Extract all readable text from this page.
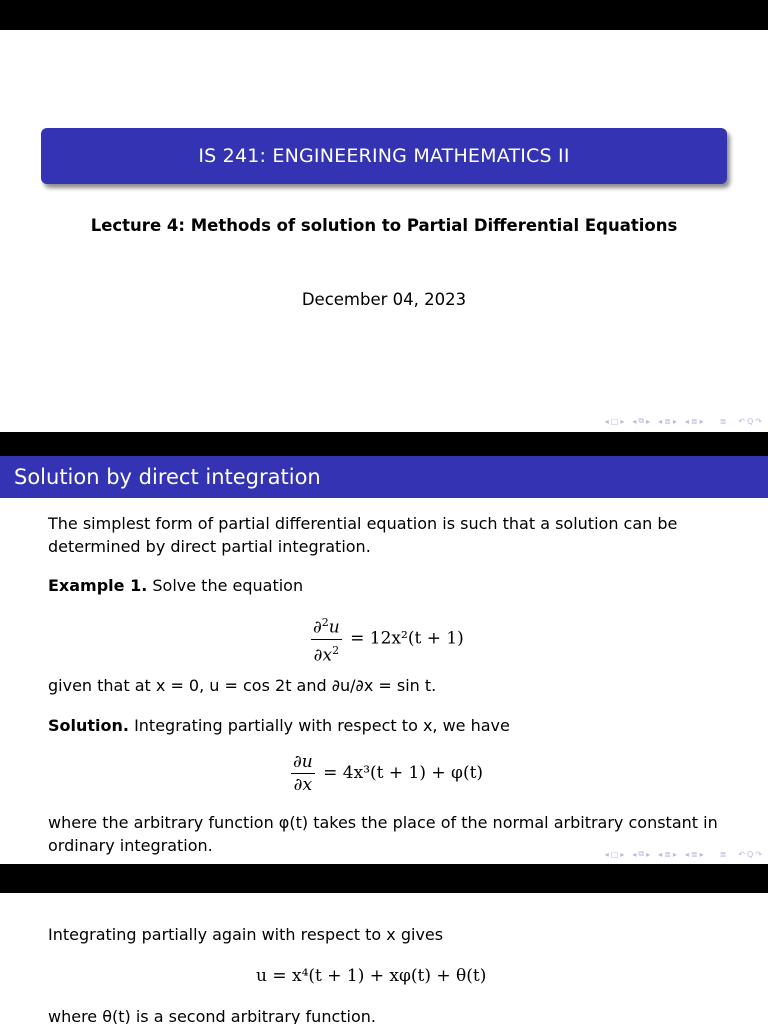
IS 241: ENGINEERING MATHEMATICS II
Lecture 4: Methods of solution to Partial Differential Equations
December 04, 2023
◂ □ ▸ ◂ ⧉ ▸ ◂ ≣ ▸ ◂ ≣ ▸ ≣ ↶ Q ↷
Solution by direct integration
The simplest form of partial differential equation is such that a solution can be determined by direct partial integration.
Example 1. Solve the equation
$\frac{\partial^2u}{\partial x^2} = 12x^2(t + 1)$
given that at x = 0, u = cos 2t and ∂u/∂x = sin t.
Solution. Integrating partially with respect to x, we have
$\frac{\partial u}{\partial x} = 4x^3(t + 1) + \varphi(t)$
where the arbitrary function φ(t) takes the place of the normal arbitrary constant in ordinary integration.	◂ □ ▸ ◂ ⧉ ▸ ◂ ≣ ▸ ◂ ≣ ▸ ≣ ↶ Q ↷
Integrating partially again with respect to x gives
u = x⁴(t + 1) + xφ(t) + θ(t)
where θ(t) is a second arbitrary function.
